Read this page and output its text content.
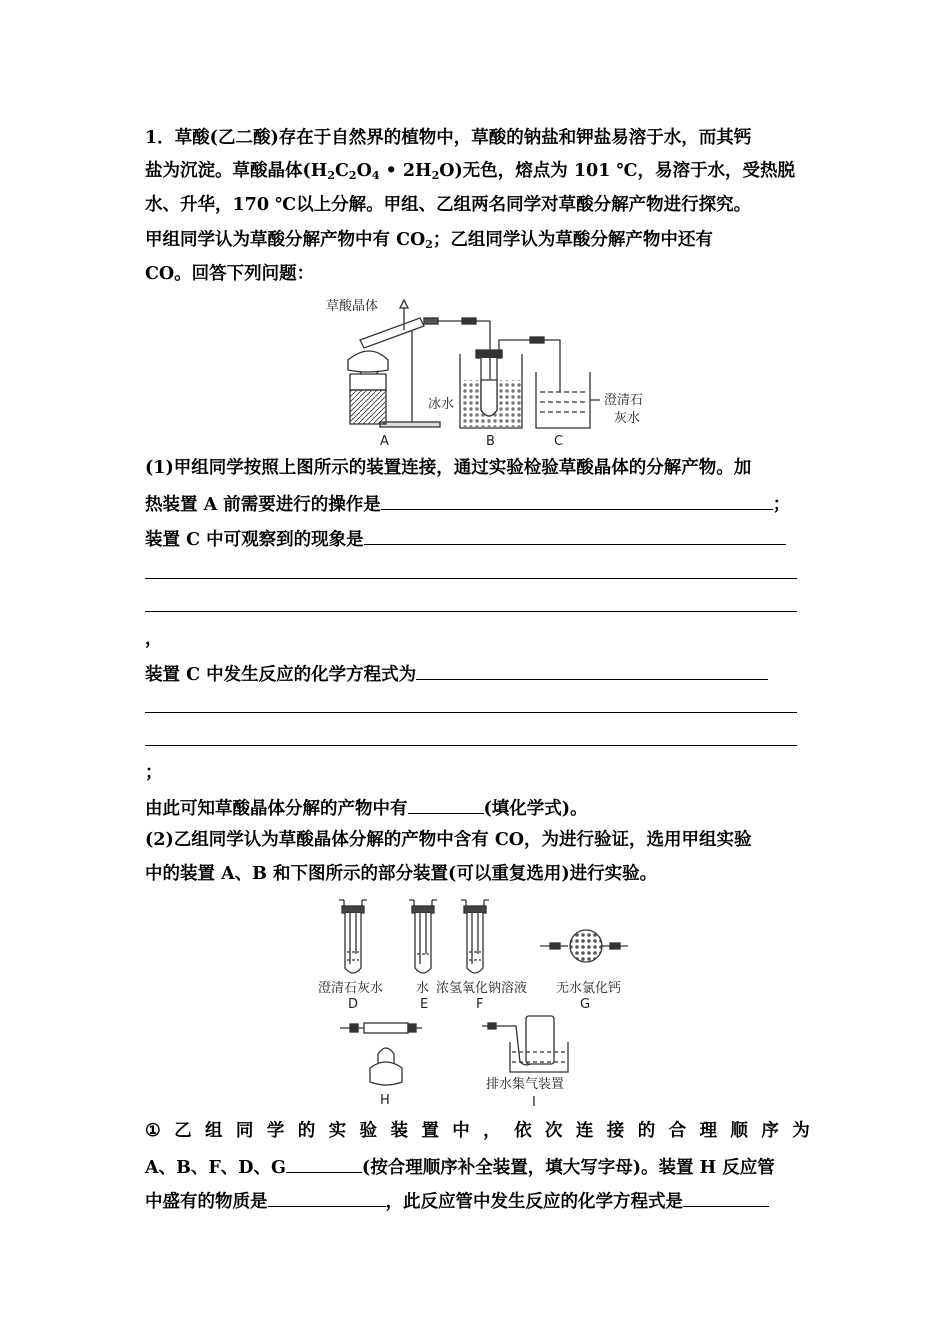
1．草酸(乙二酸)存在于自然界的植物中，草酸的钠盐和钾盐易溶于水，而其钙
盐为沉淀。草酸晶体($H_2C_2O_4$ • $2H_2O$)无色，熔点为 101 ℃，易溶于水，受热脱
水、升华，170 ℃以上分解。甲组、乙组两名同学对草酸分解产物进行探究。
甲组同学认为草酸分解产物中有 $CO_2$；乙组同学认为草酸分解产物中还有
CO。回答下列问题：
草酸晶体
冰水	澄清石
灰水
A	B	C
(1)甲组同学按照上图所示的装置连接，通过实验检验草酸晶体的分解产物。加
热装置 A 前需要进行的操作是	；
装置 C 中可观察到的现象是
，
装置 C 中发生反应的化学方程式为
；
由此可知草酸晶体分解的产物中有	(填化学式)。
(2)乙组同学认为草酸晶体分解的产物中含有 CO，为进行验证，选用甲组实验
中的装置 A、B 和下图所示的部分装置(可以重复选用)进行实验。
澄清石灰水	水 浓氢氧化钠溶液 无水氯化钙
D	E	F	G
H
排水集气装置
I
① 乙 组 同 学 的 实 验 装 置 中 ， 依 次 连 接 的 合 理 顺 序 为
A、B、F、D、G	(按合理顺序补全装置，填大写字母)。装置 H 反应管
中盛有的物质是	，此反应管中发生反应的化学方程式是
